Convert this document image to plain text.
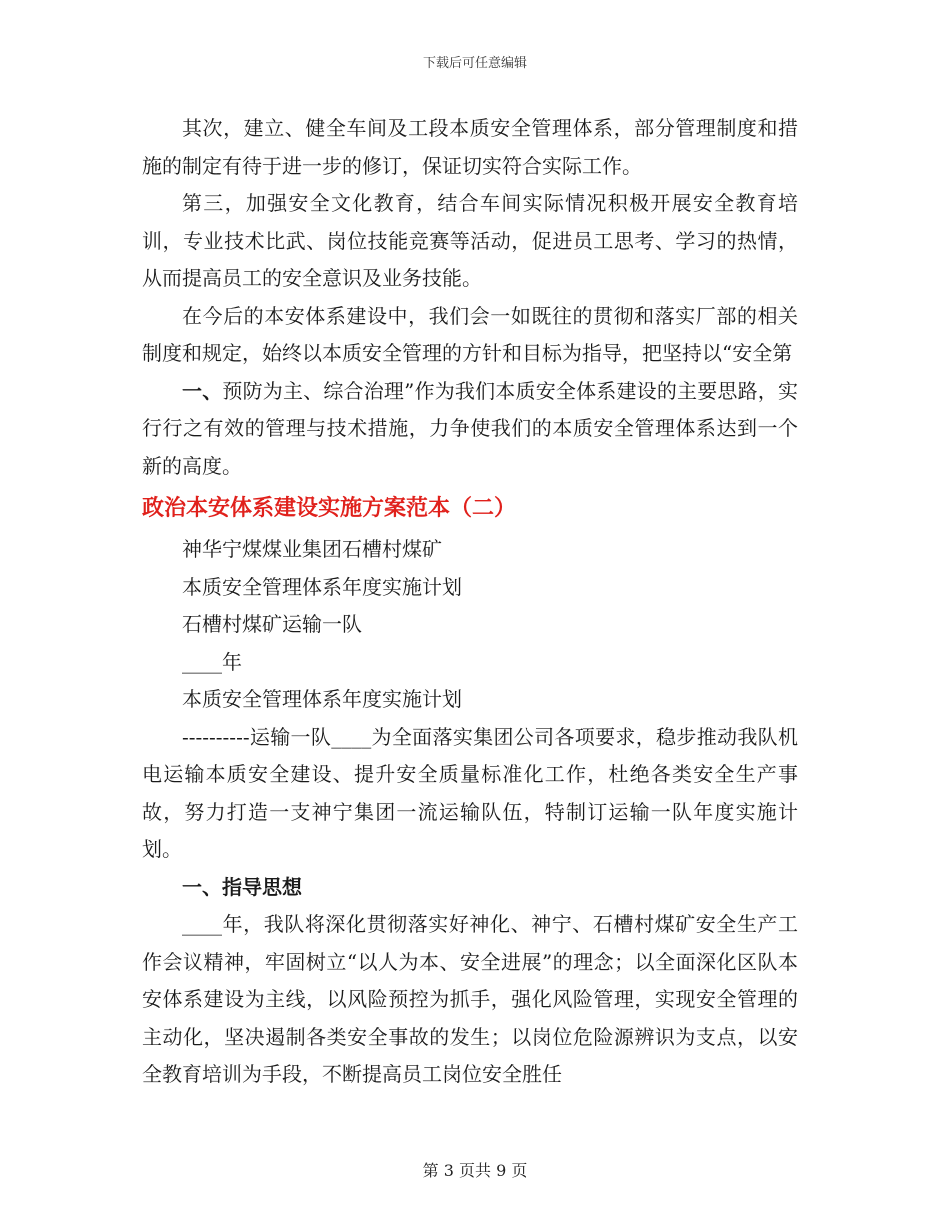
下载后可任意编辑

其次，建立、健全车间及工段本质安全管理体系，部分管理制度和措施的制定有待于进一步的修订，保证切实符合实际工作。

第三，加强安全文化教育，结合车间实际情况积极开展安全教育培训，专业技术比武、岗位技能竞赛等活动，促进员工思考、学习的热情，从而提高员工的安全意识及业务技能。

在今后的本安体系建设中，我们会一如既往的贯彻和落实厂部的相关制度和规定，始终以本质安全管理的方针和目标为指导，把坚持以“安全第

一、预防为主、综合治理”作为我们本质安全体系建设的主要思路，实行行之有效的管理与技术措施，力争使我们的本质安全管理体系达到一个新的高度。

政治本安体系建设实施方案范本（二）

神华宁煤煤业集团石槽村煤矿

本质安全管理体系年度实施计划

石槽村煤矿运输一队

____年

本质安全管理体系年度实施计划

----------运输一队____为全面落实集团公司各项要求，稳步推动我队机电运输本质安全建设、提升安全质量标准化工作，杜绝各类安全生产事故，努力打造一支神宁集团一流运输队伍，特制订运输一队年度实施计划。

一、指导思想

____年，我队将深化贯彻落实好神化、神宁、石槽村煤矿安全生产工作会议精神，牢固树立“以人为本、安全进展”的理念；以全面深化区队本安体系建设为主线，以风险预控为抓手，强化风险管理，实现安全管理的主动化，坚决遏制各类安全事故的发生；以岗位危险源辨识为支点，以安全教育培训为手段，不断提高员工岗位安全胜任

第 3 页共 9 页
